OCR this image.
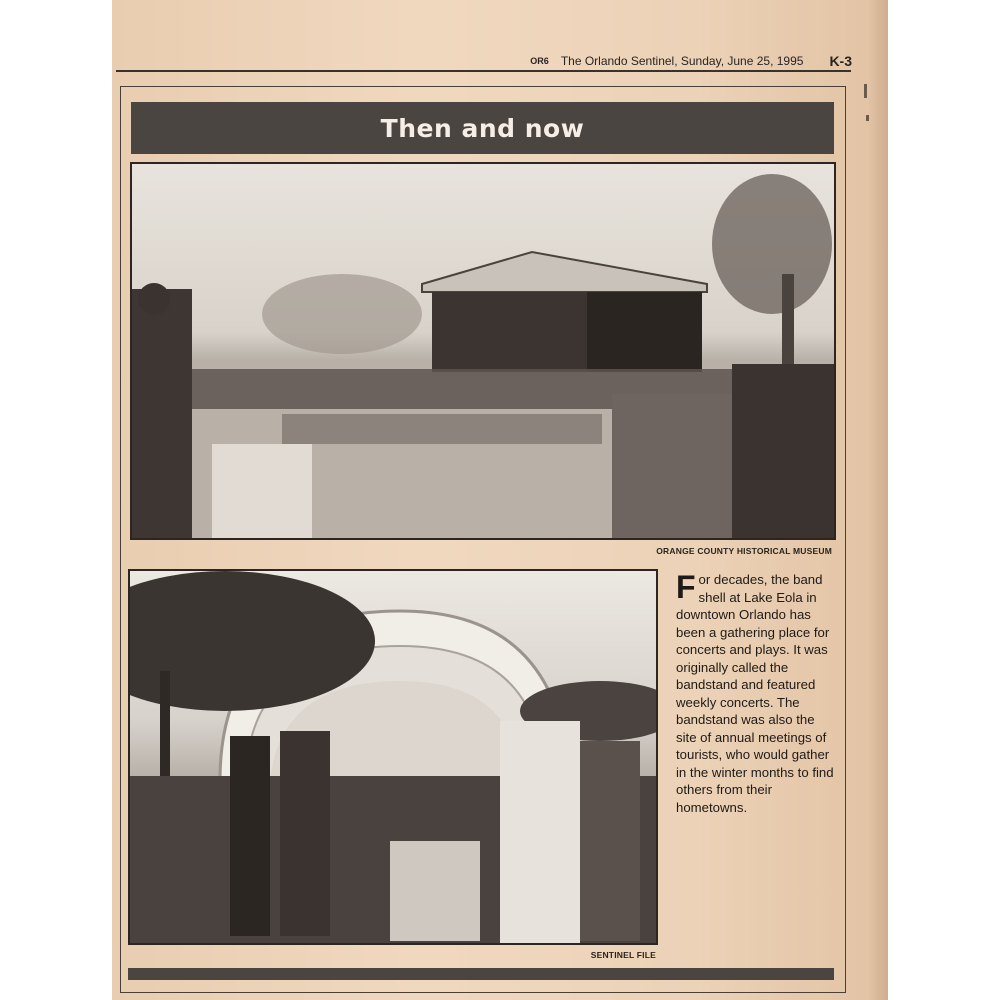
OR6 The Orlando Sentinel, Sunday, June 25, 1995 K-3
Then and now
ORANGE COUNTY HISTORICAL MUSEUM
SENTINEL FILE

For decades, the band shell at Lake Eola in downtown Orlando has been a gathering place for concerts and plays. It was originally called the bandstand and featured weekly concerts. The bandstand was also the site of annual meetings of tourists, who would gather in the winter months to find others from their hometowns.
